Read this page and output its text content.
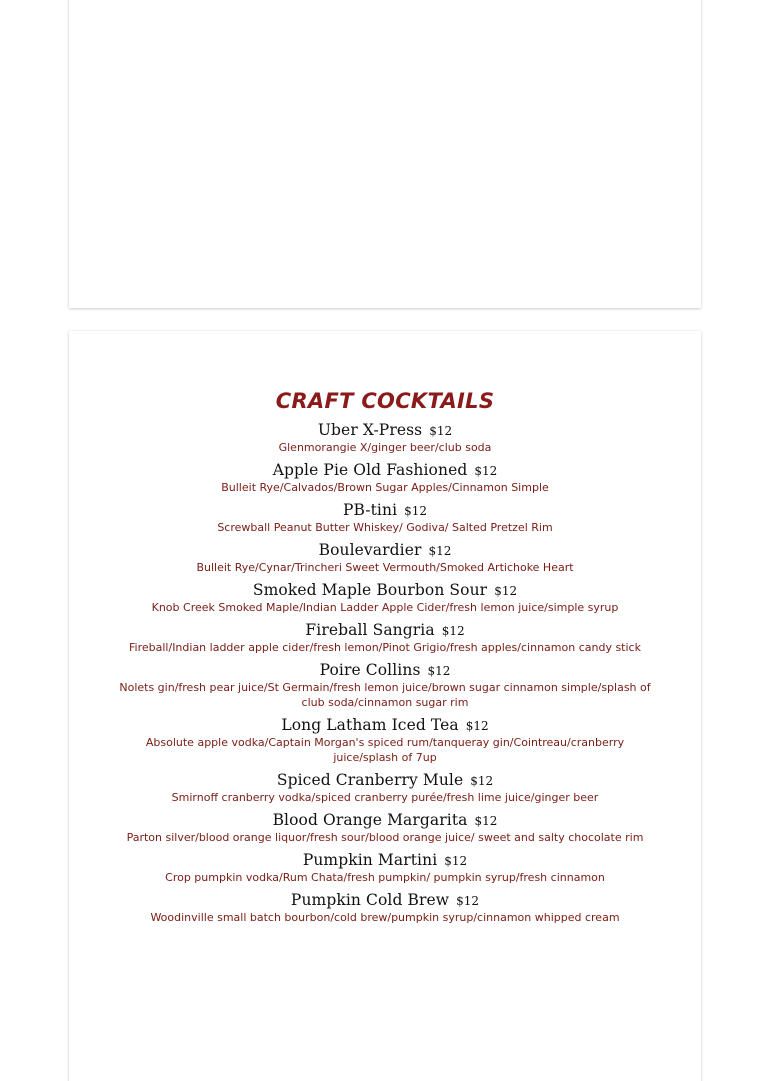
CRAFT COCKTAILS
Uber X-Press $12
Glenmorangie X/ginger beer/club soda
Apple Pie Old Fashioned $12
Bulleit Rye/Calvados/Brown Sugar Apples/Cinnamon Simple
PB-tini $12
Screwball Peanut Butter Whiskey/ Godiva/ Salted Pretzel Rim
Boulevardier $12
Bulleit Rye/Cynar/Trincheri Sweet Vermouth/Smoked Artichoke Heart
Smoked Maple Bourbon Sour $12
Knob Creek Smoked Maple/Indian Ladder Apple Cider/fresh lemon juice/simple syrup
Fireball Sangria $12
Fireball/Indian ladder apple cider/fresh lemon/Pinot Grigio/fresh apples/cinnamon candy stick
Poire Collins $12
Nolets gin/fresh pear juice/St Germain/fresh lemon juice/brown sugar cinnamon simple/splash of club soda/cinnamon sugar rim
Long Latham Iced Tea $12
Absolute apple vodka/Captain Morgan's spiced rum/tanqueray gin/Cointreau/cranberry juice/splash of 7up
Spiced Cranberry Mule $12
Smirnoff cranberry vodka/spiced cranberry purée/fresh lime juice/ginger beer
Blood Orange Margarita $12
Parton silver/blood orange liquor/fresh sour/blood orange juice/ sweet and salty chocolate rim
Pumpkin Martini $12
Crop pumpkin vodka/Rum Chata/fresh pumpkin/ pumpkin syrup/fresh cinnamon
Pumpkin Cold Brew $12
Woodinville small batch bourbon/cold brew/pumpkin syrup/cinnamon whipped cream
